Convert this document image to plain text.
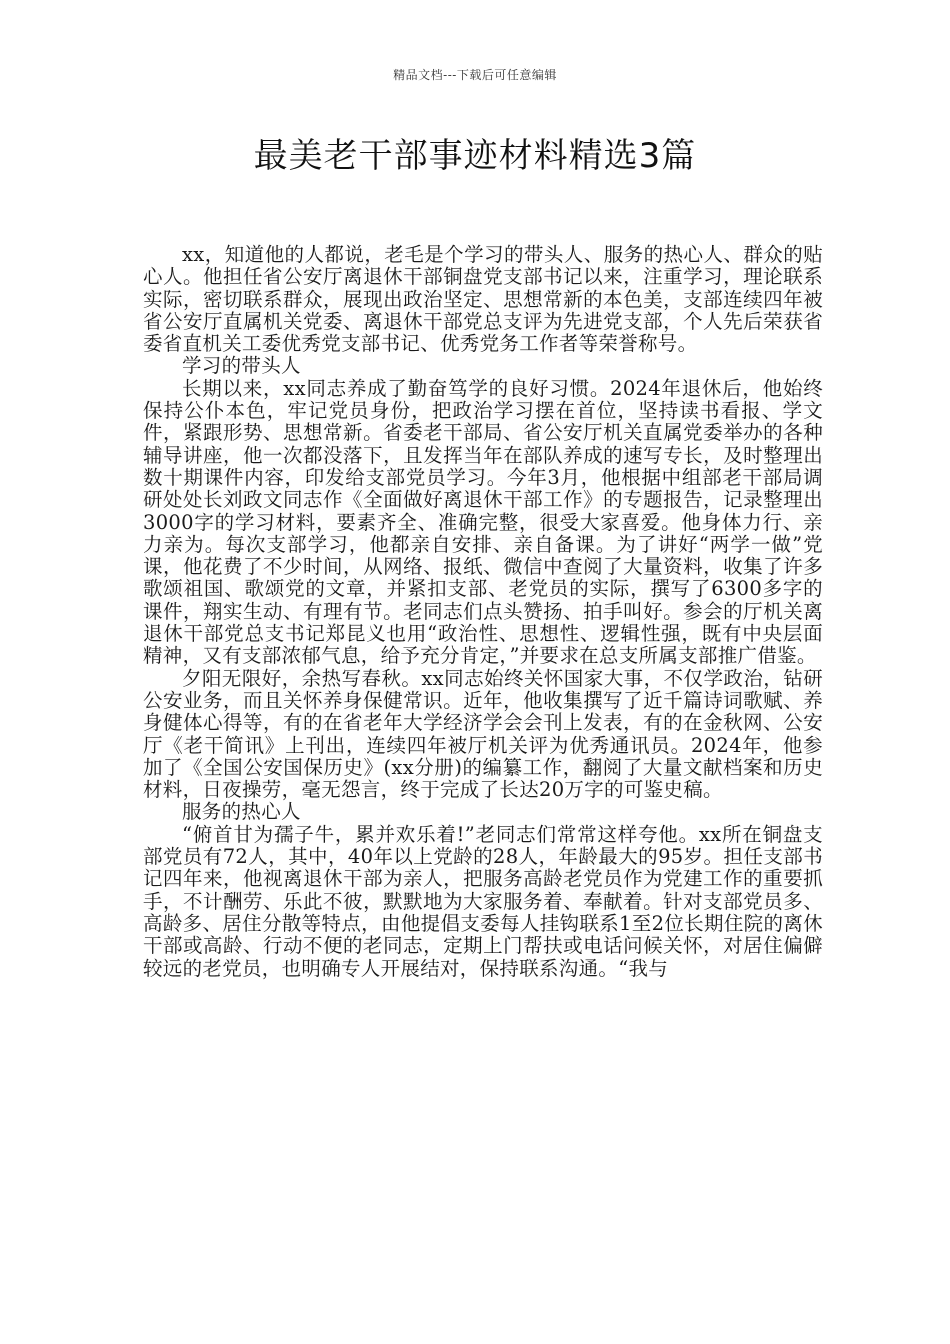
精品文档---下载后可任意编辑
最美老干部事迹材料精选3篇

xx，知道他的人都说，老毛是个学习的带头人、服务的热心人、群众的贴心人。他担任省公安厅离退休干部铜盘党支部书记以来，注重学习，理论联系实际，密切联系群众，展现出政治坚定、思想常新的本色美，支部连续四年被省公安厅直属机关党委、离退休干部党总支评为先进党支部，个人先后荣获省委省直机关工委优秀党支部书记、优秀党务工作者等荣誉称号。

学习的带头人

长期以来，xx同志养成了勤奋笃学的良好习惯。2024年退休后，他始终保持公仆本色，牢记党员身份，把政治学习摆在首位，坚持读书看报、学文件，紧跟形势、思想常新。省委老干部局、省公安厅机关直属党委举办的各种辅导讲座，他一次都没落下，且发挥当年在部队养成的速写专长，及时整理出数十期课件内容，印发给支部党员学习。今年3月，他根据中组部老干部局调研处处长刘政文同志作《全面做好离退休干部工作》的专题报告，记录整理出3000字的学习材料，要素齐全、准确完整，很受大家喜爱。他身体力行、亲力亲为。每次支部学习，他都亲自安排、亲自备课。为了讲好“两学一做”党课，他花费了不少时间，从网络、报纸、微信中查阅了大量资料，收集了许多歌颂祖国、歌颂党的文章，并紧扣支部、老党员的实际，撰写了6300多字的课件，翔实生动、有理有节。老同志们点头赞扬、拍手叫好。参会的厅机关离退休干部党总支书记郑昆义也用“政治性、思想性、逻辑性强，既有中央层面精神，又有支部浓郁气息，给予充分肯定，”并要求在总支所属支部推广借鉴。

夕阳无限好，余热写春秋。xx同志始终关怀国家大事，不仅学政治，钻研公安业务，而且关怀养身保健常识。近年，他收集撰写了近千篇诗词歌赋、养身健体心得等，有的在省老年大学经济学会会刊上发表，有的在金秋网、公安厅《老干简讯》上刊出，连续四年被厅机关评为优秀通讯员。2024年，他参加了《全国公安国保历史》(xx分册)的编纂工作，翻阅了大量文献档案和历史材料，日夜操劳，毫无怨言，终于完成了长达20万字的可鉴史稿。

服务的热心人

“俯首甘为孺子牛，累并欢乐着!”老同志们常常这样夸他。xx所在铜盘支部党员有72人，其中，40年以上党龄的28人，年龄最大的95岁。担任支部书记四年来，他视离退休干部为亲人，把服务高龄老党员作为党建工作的重要抓手，不计酬劳、乐此不彼，默默地为大家服务着、奉献着。针对支部党员多、高龄多、居住分散等特点，由他提倡支委每人挂钩联系1至2位长期住院的离休干部或高龄、行动不便的老同志，定期上门帮扶或电话问候关怀，对居住偏僻较远的老党员，也明确专人开展结对，保持联系沟通。“我与
